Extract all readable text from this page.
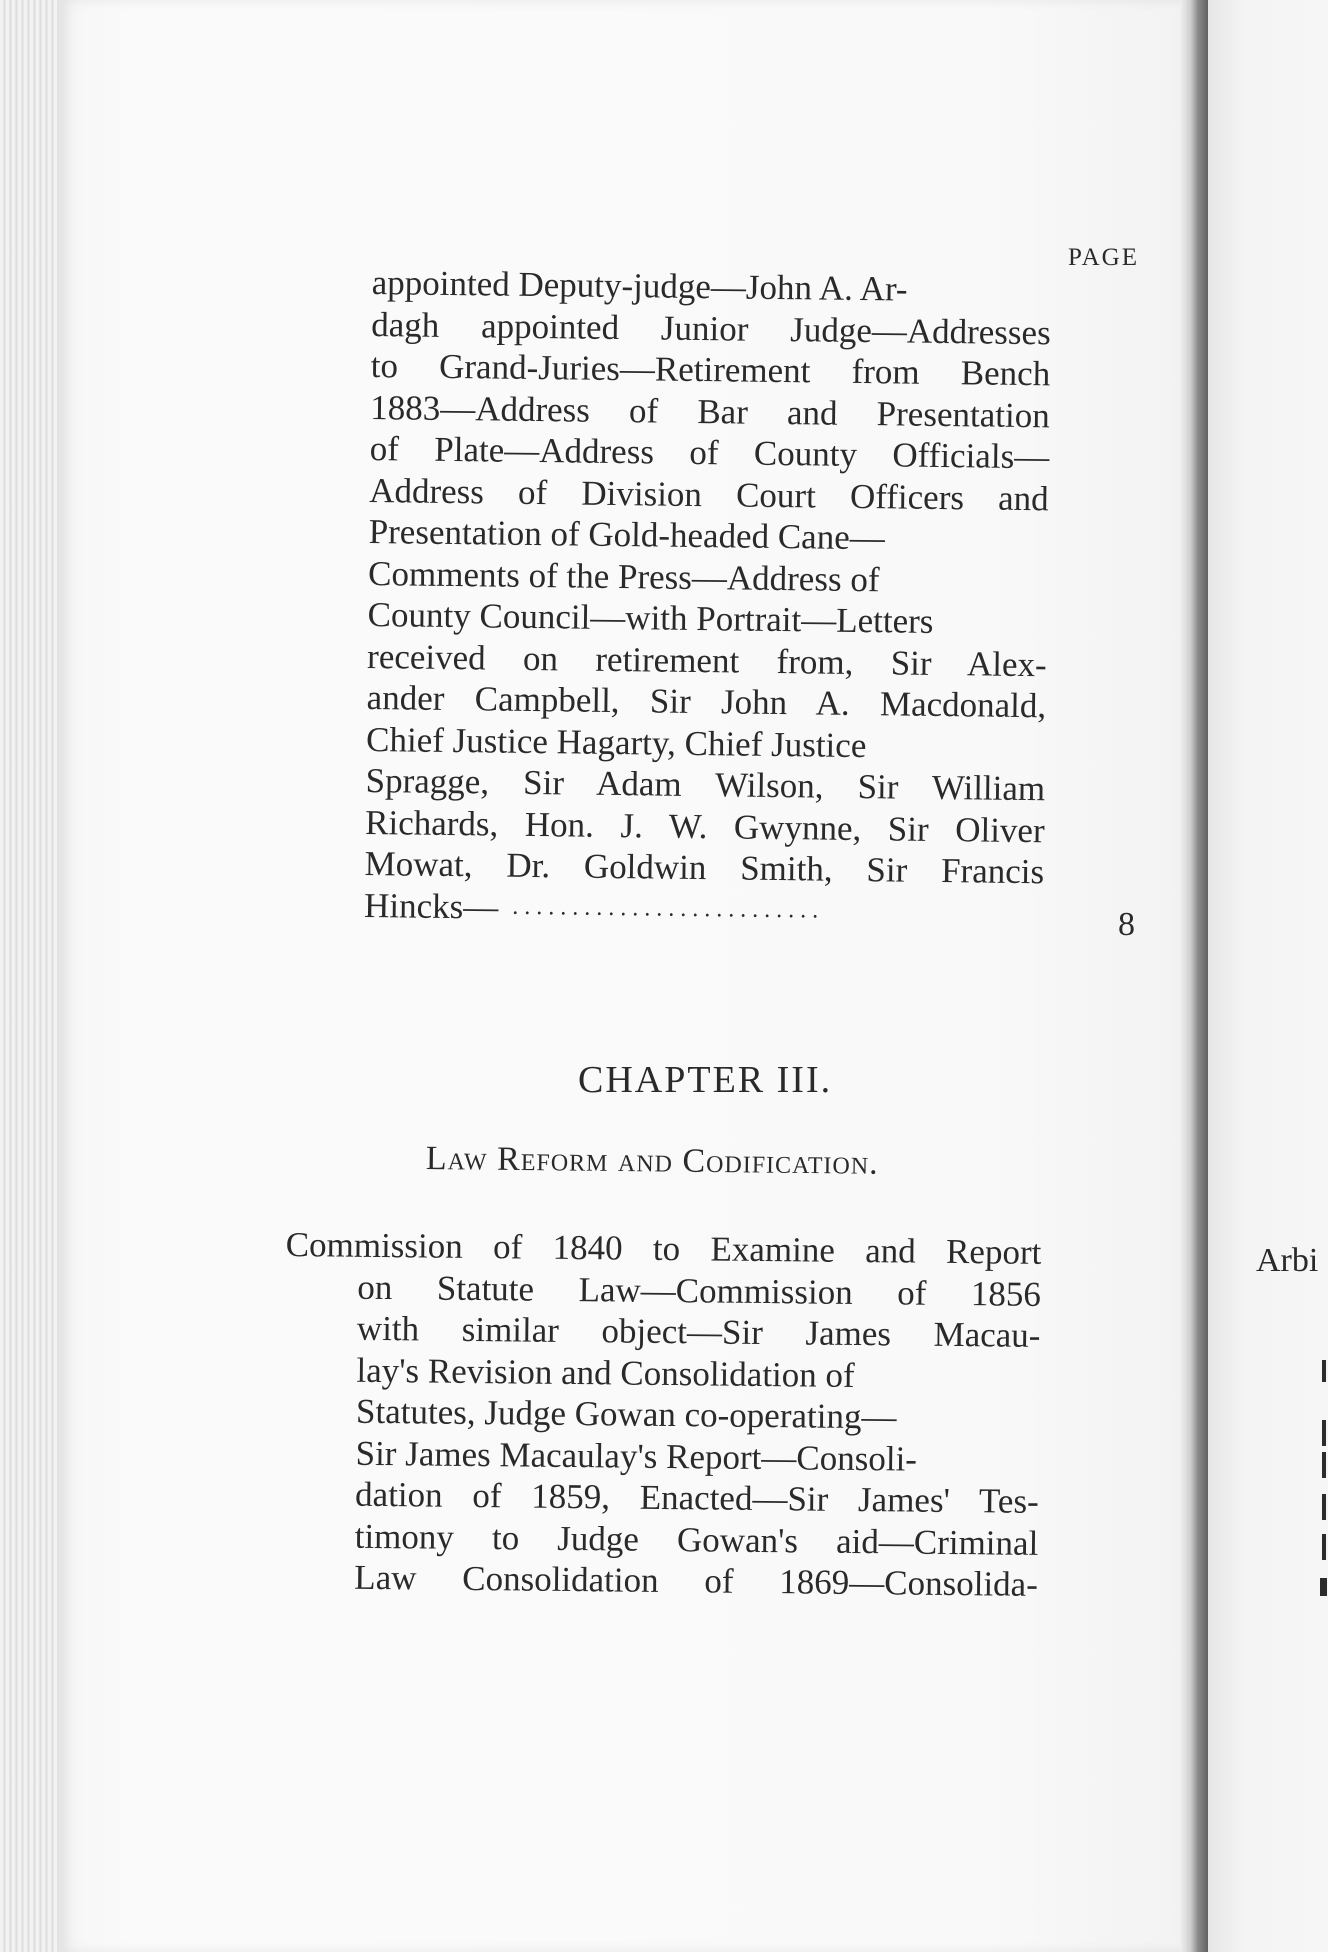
PAGE
appointed Deputy-judge—John A. Ar-
dagh appointed Junior Judge—Addresses
to Grand-Juries—Retirement from Bench
1883—Address of Bar and Presentation
of Plate—Address of County Officials—
Address of Division Court Officers and
Presentation of Gold-headed Cane—
Comments of the Press—Address of
County Council—with Portrait—Letters
received on retirement from, Sir Alex-
ander Campbell, Sir John A. Macdonald,
Chief Justice Hagarty, Chief Justice
Spragge, Sir Adam Wilson, Sir William
Richards, Hon. J. W. Gwynne, Sir Oliver
Mowat, Dr. Goldwin Smith, Sir Francis
Hincks— ..........................	8
CHAPTER III.
Law Reform and Codification.
Commission of 1840 to Examine and Report
on Statute Law—Commission of 1856
with similar object—Sir James Macau-
lay's Revision and Consolidation of
Statutes, Judge Gowan co-operating—
Sir James Macaulay's Report—Consoli-
dation of 1859, Enacted—Sir James' Tes-
timony to Judge Gowan's aid—Criminal
Law Consolidation of 1869—Consolida-
Arbi
